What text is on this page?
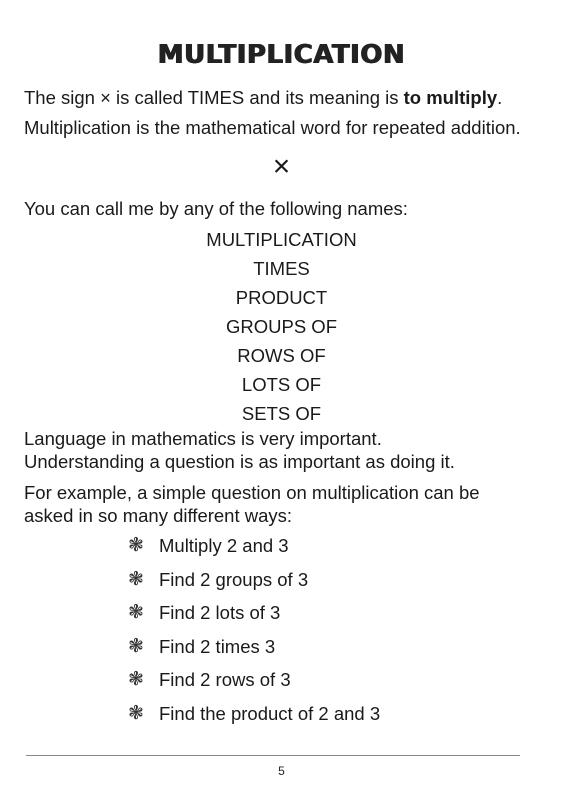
MULTIPLICATION
The sign × is called TIMES and its meaning is to multiply.
Multiplication is the mathematical word for repeated addition.
×
You can call me by any of the following names:
MULTIPLICATION
TIMES
PRODUCT
GROUPS OF
ROWS OF
LOTS OF
SETS OF
Language in mathematics is very important.
Understanding a question is as important as doing it.
For example, a simple question on multiplication can be
asked in so many different ways:
❃ Multiply 2 and 3
❃ Find 2 groups of 3
❃ Find 2 lots of 3
❃ Find 2 times 3
❃ Find 2 rows of 3
❃ Find the product of 2 and 3
5
